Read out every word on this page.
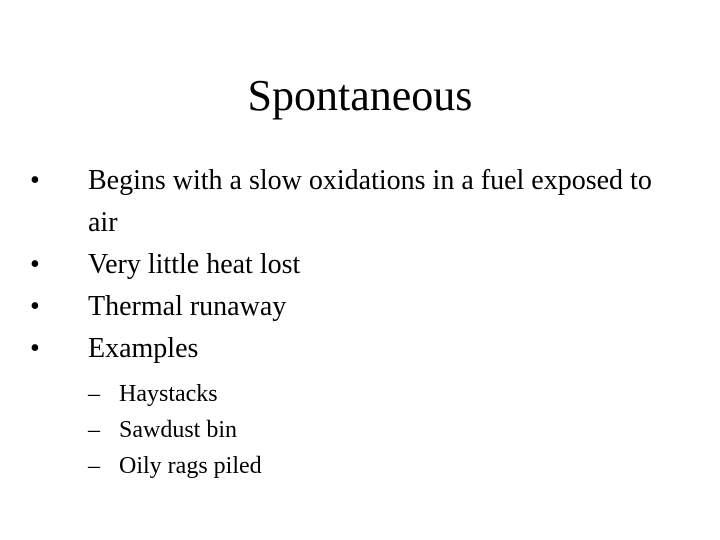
Spontaneous
•	Begins with a slow oxidations in a fuel exposed to air
•	Very little heat lost
•	Thermal runaway
•	Examples
– Haystacks
– Sawdust bin
– Oily rags piled
